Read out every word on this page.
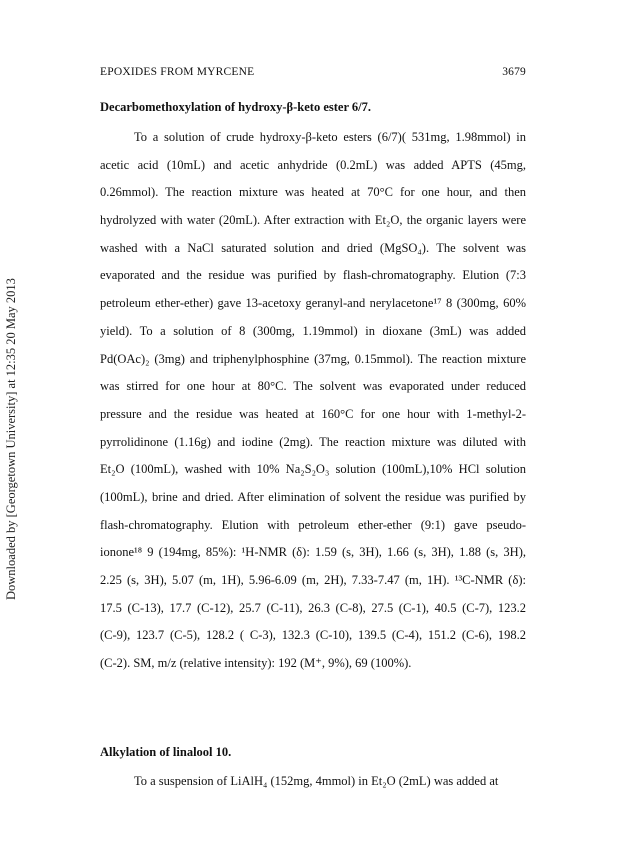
Downloaded by [Georgetown University] at 12:35 20 May 2013
EPOXIDES FROM MYRCENE	3679
Decarbomethoxylation of hydroxy-β-keto ester 6/7.
To a solution of crude hydroxy-β-keto esters (6/7)( 531mg, 1.98mmol) in
acetic acid (10mL) and acetic anhydride (0.2mL) was added APTS (45mg,
0.26mmol). The reaction mixture was heated at 70°C for one hour, and then
hydrolyzed with water (20mL). After extraction with Et₂O, the organic layers were
washed with a NaCl saturated solution and dried (MgSO₄). The solvent was
evaporated and the residue was purified by flash-chromatography. Elution (7:3
petroleum ether-ether) gave 13-acetoxy geranyl-and nerylacetone¹⁷ 8 (300mg, 60%
yield). To a solution of 8 (300mg, 1.19mmol) in dioxane (3mL) was added
Pd(OAc)₂ (3mg) and triphenylphosphine (37mg, 0.15mmol). The reaction mixture
was stirred for one hour at 80°C. The solvent was evaporated under reduced
pressure and the residue was heated at 160°C for one hour with 1-methyl-2-
pyrrolidinone (1.16g) and iodine (2mg). The reaction mixture was diluted with
Et₂O (100mL), washed with 10% Na₂S₂O₃ solution (100mL),10% HCl solution
(100mL), brine and dried. After elimination of solvent the residue was purified by
flash-chromatography. Elution with petroleum ether-ether (9:1) gave pseudo-
ionone¹⁸ 9 (194mg, 85%): ¹H-NMR (δ): 1.59 (s, 3H), 1.66 (s, 3H), 1.88 (s, 3H),
2.25 (s, 3H), 5.07 (m, 1H), 5.96-6.09 (m, 2H), 7.33-7.47 (m, 1H). ¹³C-NMR (δ):
17.5 (C-13), 17.7 (C-12), 25.7 (C-11), 26.3 (C-8), 27.5 (C-1), 40.5 (C-7), 123.2
(C-9), 123.7 (C-5), 128.2 ( C-3), 132.3 (C-10), 139.5 (C-4), 151.2 (C-6), 198.2
(C-2). SM, m/z (relative intensity): 192 (M⁺, 9%), 69 (100%).
Alkylation of linalool 10.
To a suspension of LiAlH₄ (152mg, 4mmol) in Et₂O (2mL) was added at
